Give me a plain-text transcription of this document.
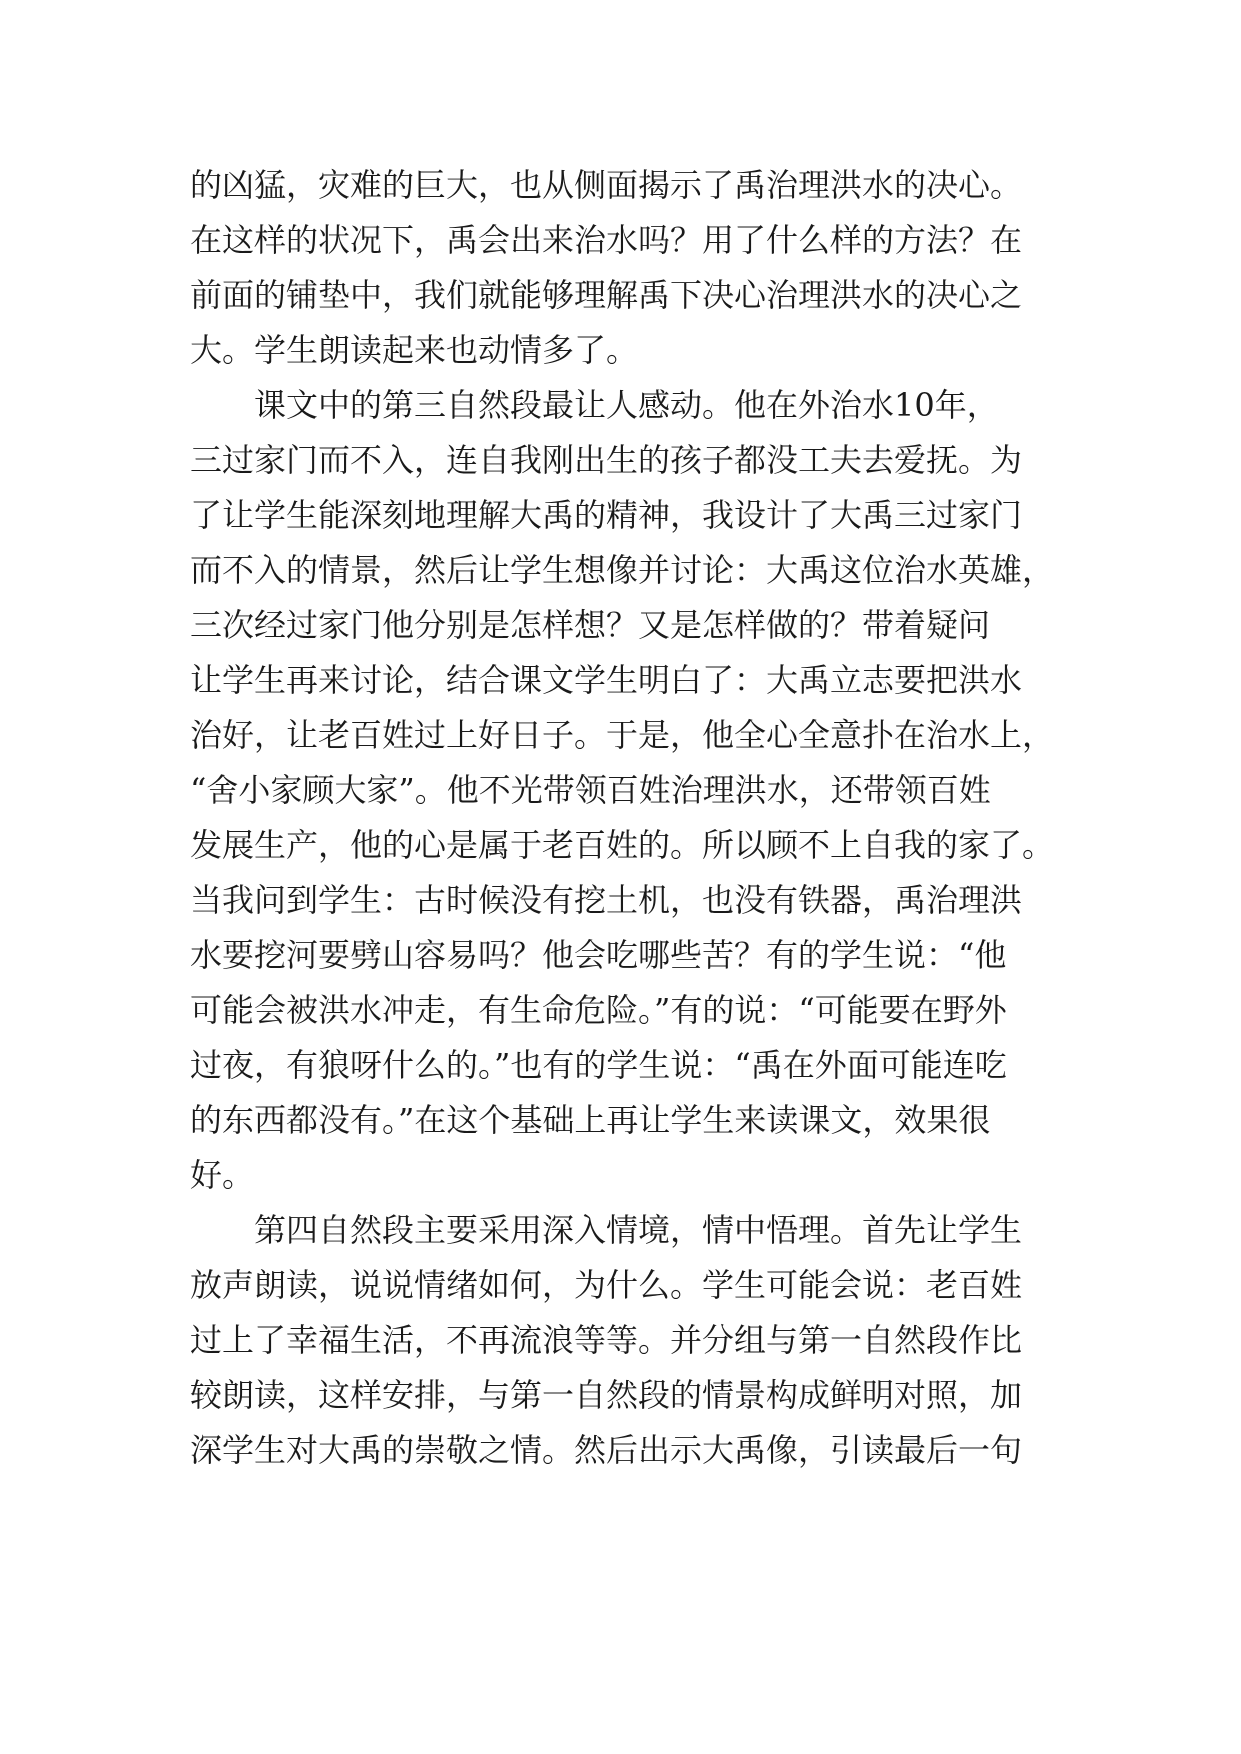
的凶猛，灾难的巨大，也从侧面揭示了禹治理洪水的决心。
在这样的状况下，禹会出来治水吗？用了什么样的方法？在
前面的铺垫中，我们就能够理解禹下决心治理洪水的决心之
大。学生朗读起来也动情多了。
课文中的第三自然段最让人感动。他在外治水10年，
三过家门而不入，连自我刚出生的孩子都没工夫去爱抚。为
了让学生能深刻地理解大禹的精神，我设计了大禹三过家门
而不入的情景，然后让学生想像并讨论：大禹这位治水英雄，
三次经过家门他分别是怎样想？又是怎样做的？带着疑问
让学生再来讨论，结合课文学生明白了：大禹立志要把洪水
治好，让老百姓过上好日子。于是，他全心全意扑在治水上，
“舍小家顾大家”。他不光带领百姓治理洪水，还带领百姓
发展生产，他的心是属于老百姓的。所以顾不上自我的家了。
当我问到学生：古时候没有挖土机，也没有铁器，禹治理洪
水要挖河要劈山容易吗？他会吃哪些苦？有的学生说：“他
可能会被洪水冲走，有生命危险。”有的说：“可能要在野外
过夜，有狼呀什么的。”也有的学生说：“禹在外面可能连吃
的东西都没有。”在这个基础上再让学生来读课文，效果很
好。
第四自然段主要采用深入情境，情中悟理。首先让学生
放声朗读，说说情绪如何，为什么。学生可能会说：老百姓
过上了幸福生活，不再流浪等等。并分组与第一自然段作比
较朗读，这样安排，与第一自然段的情景构成鲜明对照，加
深学生对大禹的崇敬之情。然后出示大禹像，引读最后一句
